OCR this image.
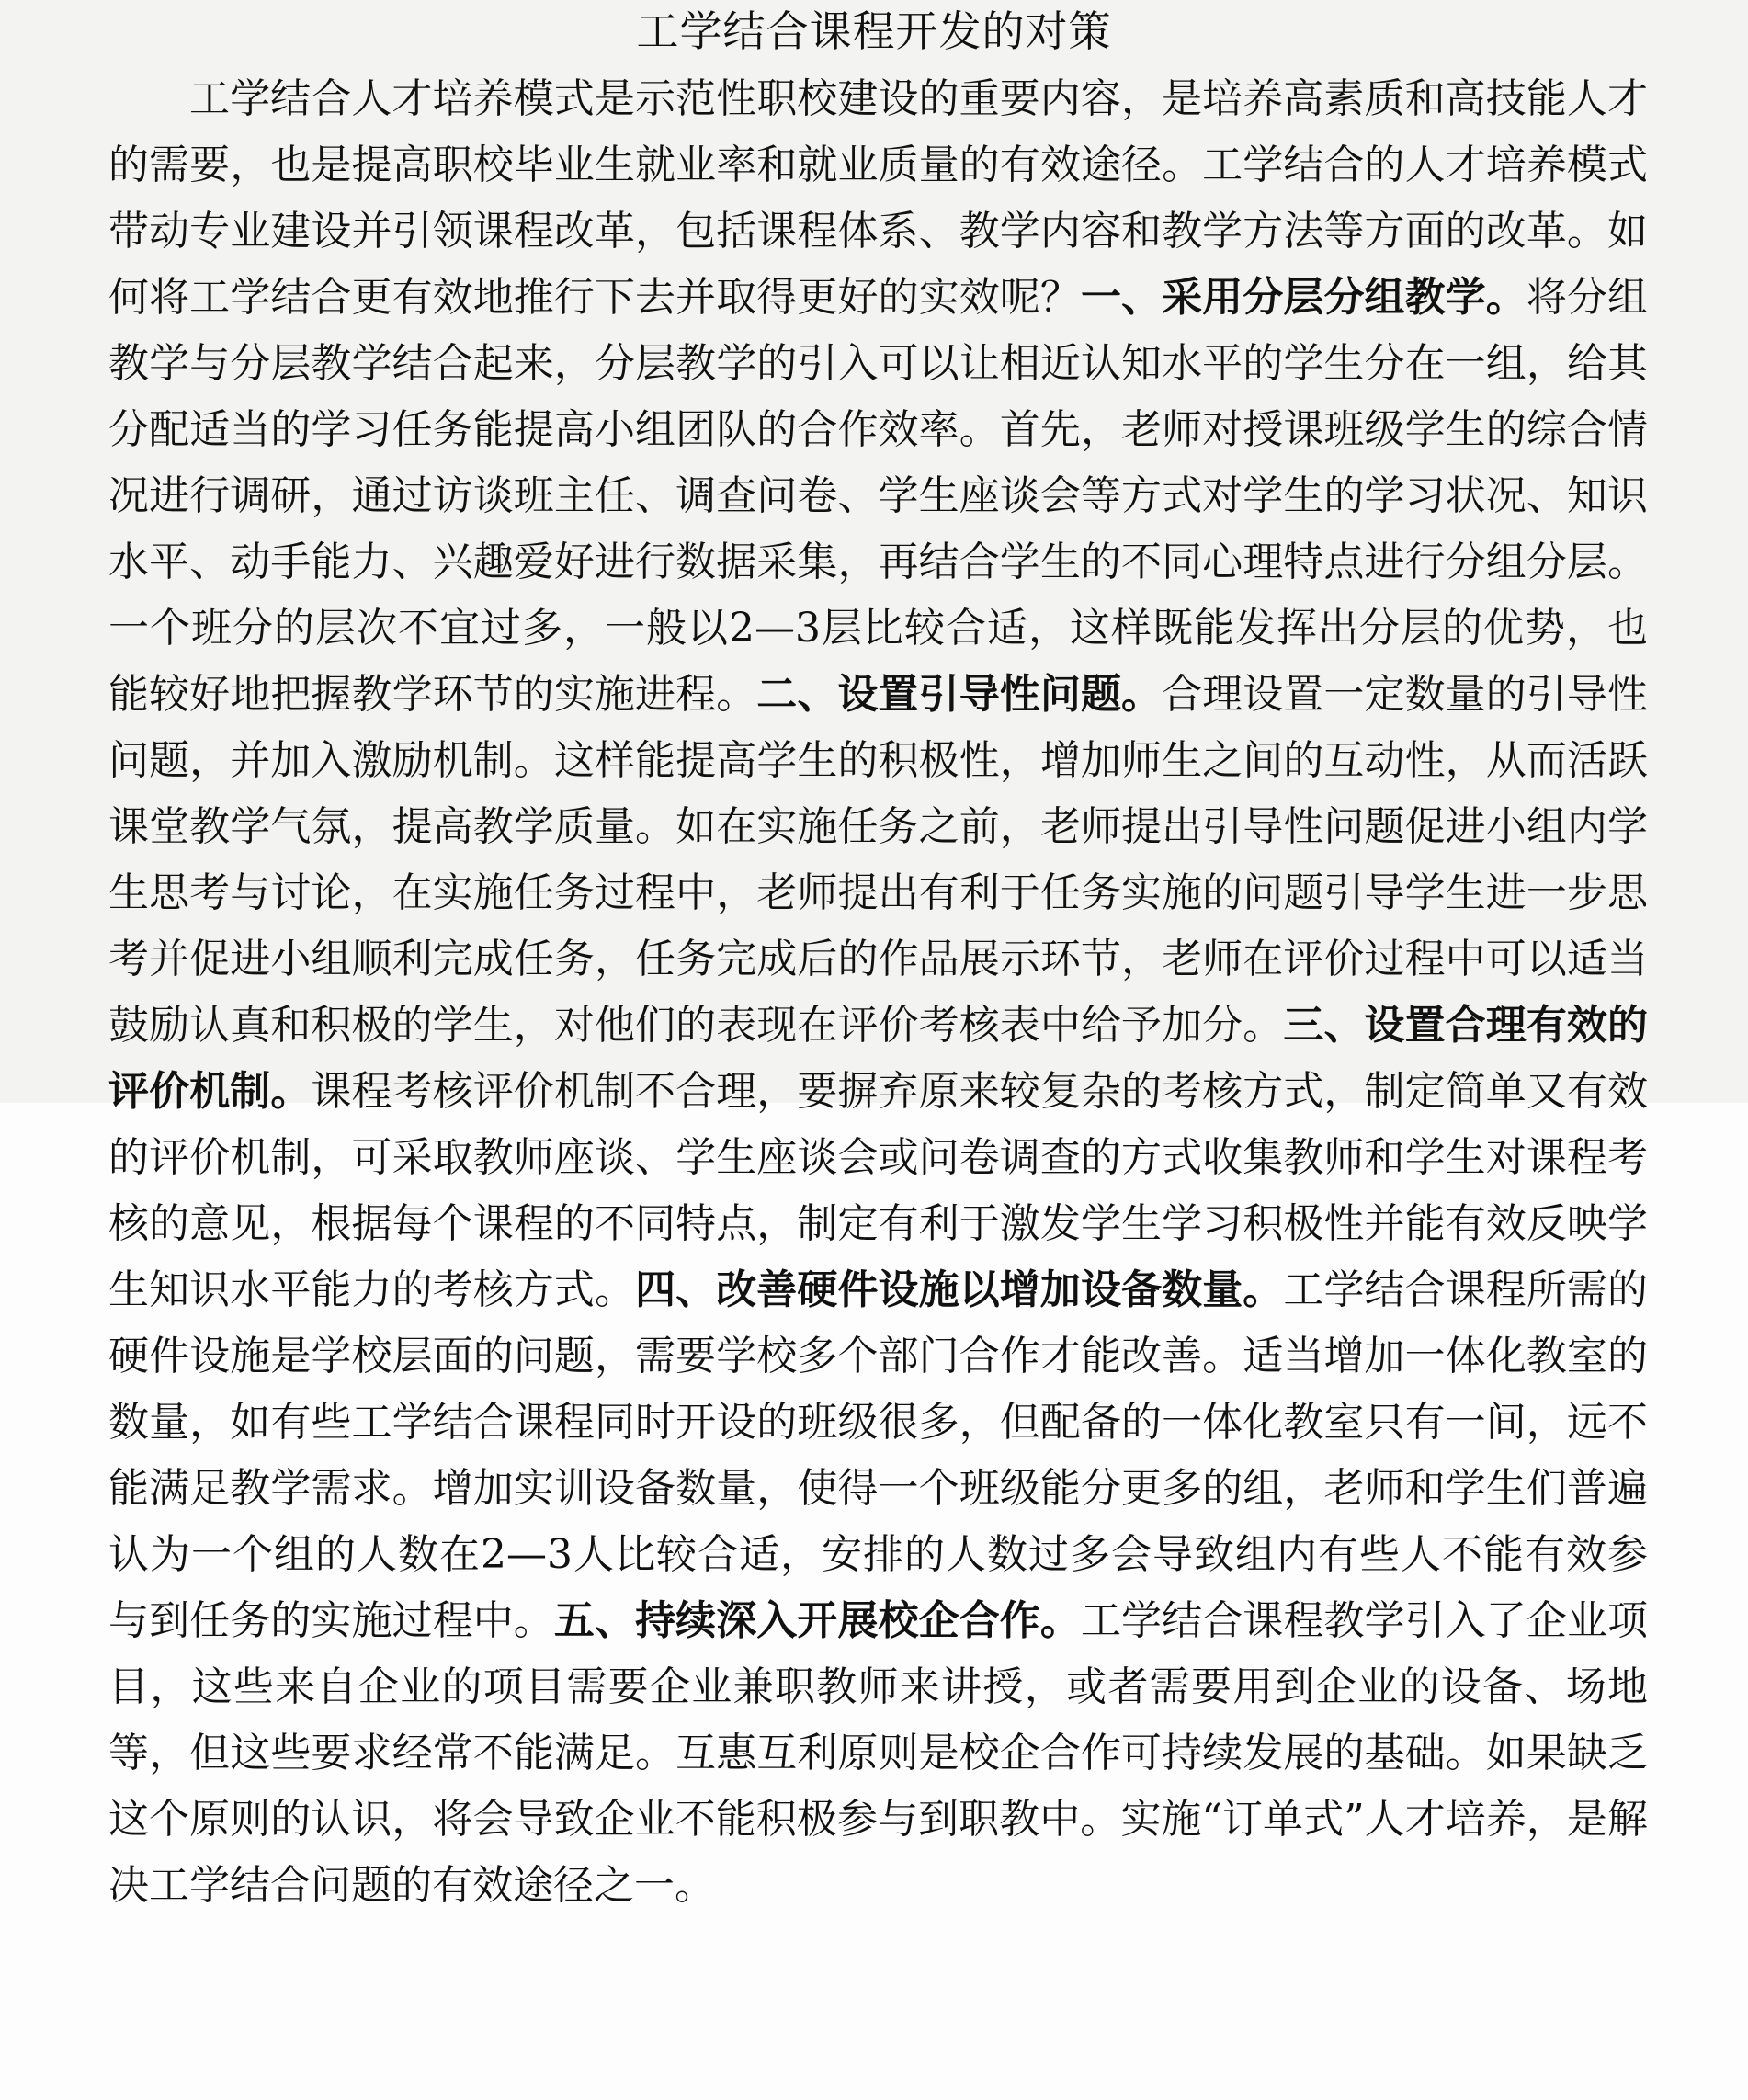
工学结合课程开发的对策

工学结合人才培养模式是示范性职校建设的重要内容，是培养高素质和高技能人才的需要，也是提高职校毕业生就业率和就业质量的有效途径。工学结合的人才培养模式带动专业建设并引领课程改革，包括课程体系、教学内容和教学方法等方面的改革。如何将工学结合更有效地推行下去并取得更好的实效呢？一、采用分层分组教学。将分组教学与分层教学结合起来，分层教学的引入可以让相近认知水平的学生分在一组，给其分配适当的学习任务能提高小组团队的合作效率。首先，老师对授课班级学生的综合情况进行调研，通过访谈班主任、调查问卷、学生座谈会等方式对学生的学习状况、知识水平、动手能力、兴趣爱好进行数据采集，再结合学生的不同心理特点进行分组分层。一个班分的层次不宜过多，一般以2—3层比较合适，这样既能发挥出分层的优势，也能较好地把握教学环节的实施进程。二、设置引导性问题。合理设置一定数量的引导性问题，并加入激励机制。这样能提高学生的积极性，增加师生之间的互动性，从而活跃课堂教学气氛，提高教学质量。如在实施任务之前，老师提出引导性问题促进小组内学生思考与讨论，在实施任务过程中，老师提出有利于任务实施的问题引导学生进一步思考并促进小组顺利完成任务，任务完成后的作品展示环节，老师在评价过程中可以适当鼓励认真和积极的学生，对他们的表现在评价考核表中给予加分。三、设置合理有效的评价机制。课程考核评价机制不合理，要摒弃原来较复杂的考核方式，制定简单又有效的评价机制，可采取教师座谈、学生座谈会或问卷调查的方式收集教师和学生对课程考核的意见，根据每个课程的不同特点，制定有利于激发学生学习积极性并能有效反映学生知识水平能力的考核方式。四、改善硬件设施以增加设备数量。工学结合课程所需的硬件设施是学校层面的问题，需要学校多个部门合作才能改善。适当增加一体化教室的数量，如有些工学结合课程同时开设的班级很多，但配备的一体化教室只有一间，远不能满足教学需求。增加实训设备数量，使得一个班级能分更多的组，老师和学生们普遍认为一个组的人数在2—3人比较合适，安排的人数过多会导致组内有些人不能有效参与到任务的实施过程中。五、持续深入开展校企合作。工学结合课程教学引入了企业项目，这些来自企业的项目需要企业兼职教师来讲授，或者需要用到企业的设备、场地等，但这些要求经常不能满足。互惠互利原则是校企合作可持续发展的基础。如果缺乏这个原则的认识，将会导致企业不能积极参与到职教中。实施“订单式”人才培养，是解决工学结合问题的有效途径之一。
